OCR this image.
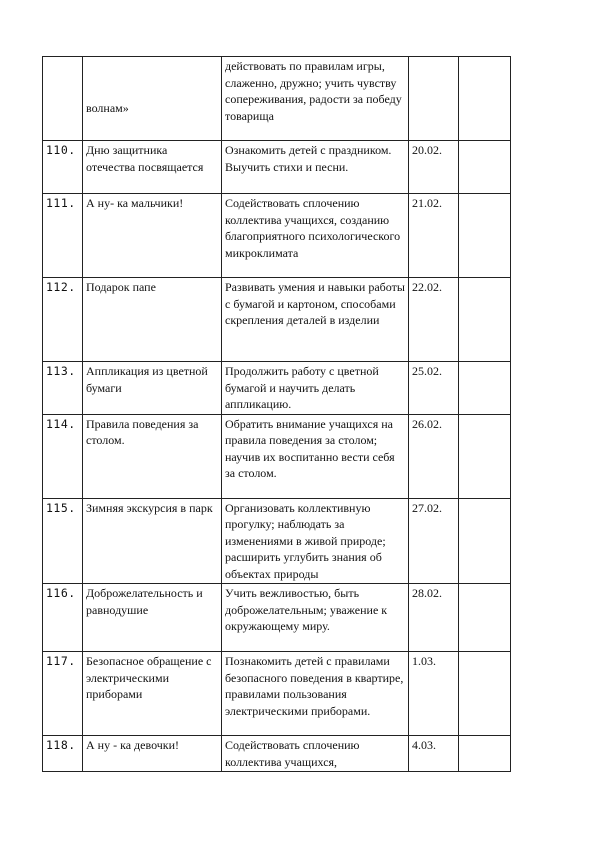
	волнам»	действовать по правилам игры, слаженно, дружно; учить чувству сопереживания, радости за победу товарища		
110.	Дню защитника отечества посвящается	Ознакомить детей с праздником. Выучить стихи и песни.	20.02.	
111.	А ну- ка мальчики!	Содействовать сплочению коллектива учащихся, созданию благоприятного психологического микроклимата	21.02.	
112.	Подарок папе	Развивать умения и навыки работы с бумагой и картоном, способами скрепления деталей в изделии	22.02.	
113.	Аппликация из цветной бумаги	Продолжить работу с цветной бумагой и научить делать аппликацию.	25.02.	
114.	Правила поведения за столом.	Обратить внимание учащихся на правила поведения за столом; научив их воспитанно вести себя за столом.	26.02.	
115.	Зимняя экскурсия в парк	Организовать коллективную прогулку; наблюдать за изменениями в живой природе; расширить углубить знания об объектах природы	27.02.	
116.	Доброжелательность и равнодушие	Учить вежливостью, быть доброжелательным; уважение к окружающему миру.	28.02.	
117.	Безопасное обращение с электрическими приборами	Познакомить детей с правилами безопасного поведения в квартире, правилами пользования электрическими приборами.	1.03.	
118.	А ну - ка девочки!	Содействовать сплочению коллектива учащихся,	4.03.	
